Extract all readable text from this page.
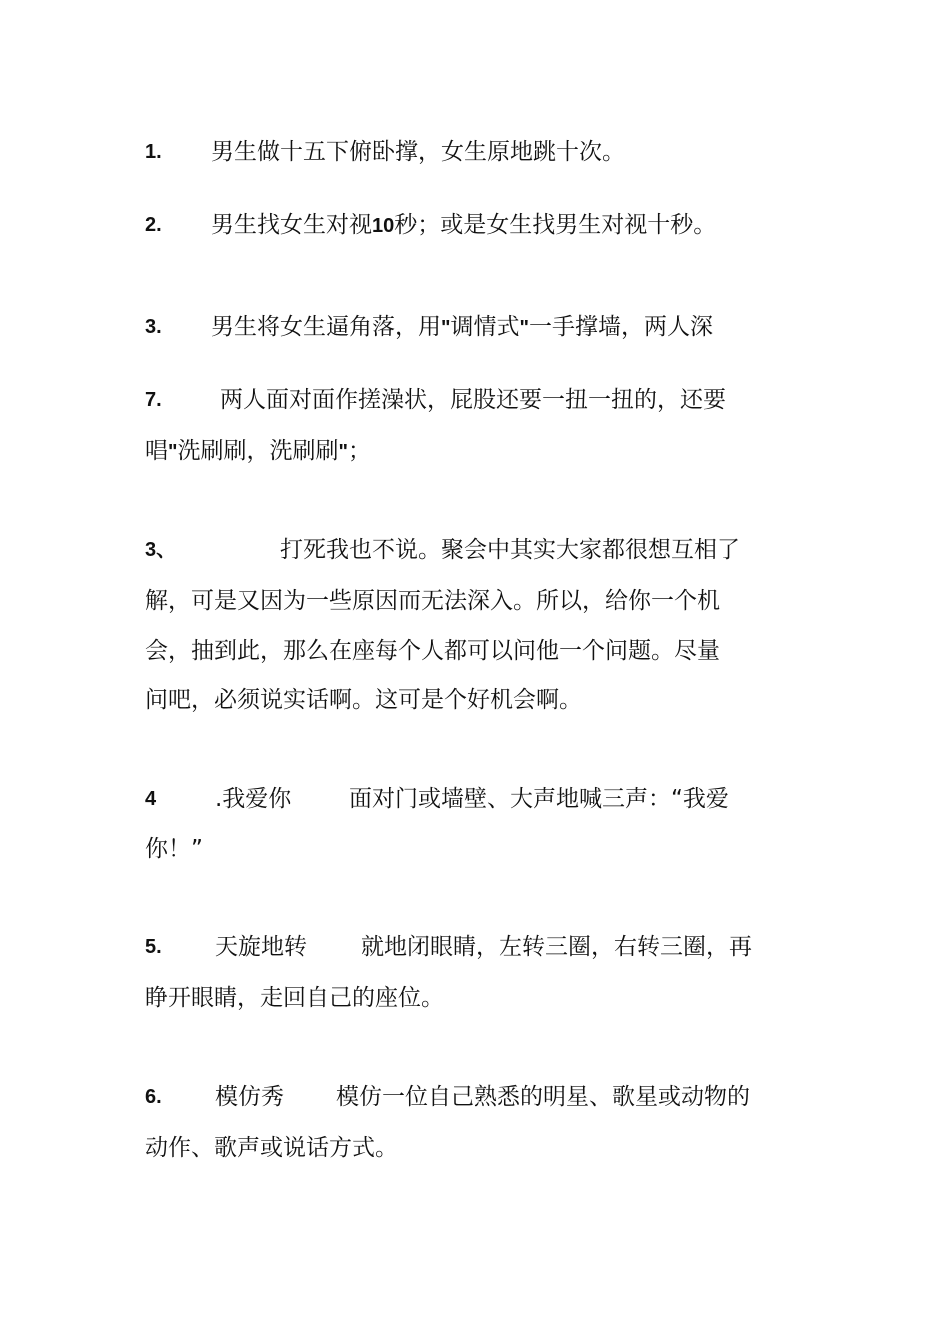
1. 男生做十五下俯卧撑，女生原地跳十次。
2. 男生找女生对视10秒；或是女生找男生对视十秒。
3. 男生将女生逼角落，用"调情式"一手撑墙，两人深
7.	两人面对面作搓澡状，屁股还要一扭一扭的，还要
唱"洗刷刷，洗刷刷"；
3、	打死我也不说。聚会中其实大家都很想互相了
解，可是又因为一些原因而无法深入。所以，给你一个机
会，抽到此，那么在座每个人都可以问他一个问题。尽量
问吧，必须说实话啊。这可是个好机会啊。
4	.我爱你	面对门或墙壁、大声地喊三声：“我爱
你！”
5. 天旋地转 就地闭眼睛，左转三圈，右转三圈，再
睁开眼睛，走回自己的座位。
6. 模仿秀 模仿一位自己熟悉的明星、歌星或动物的
动作、歌声或说话方式。
